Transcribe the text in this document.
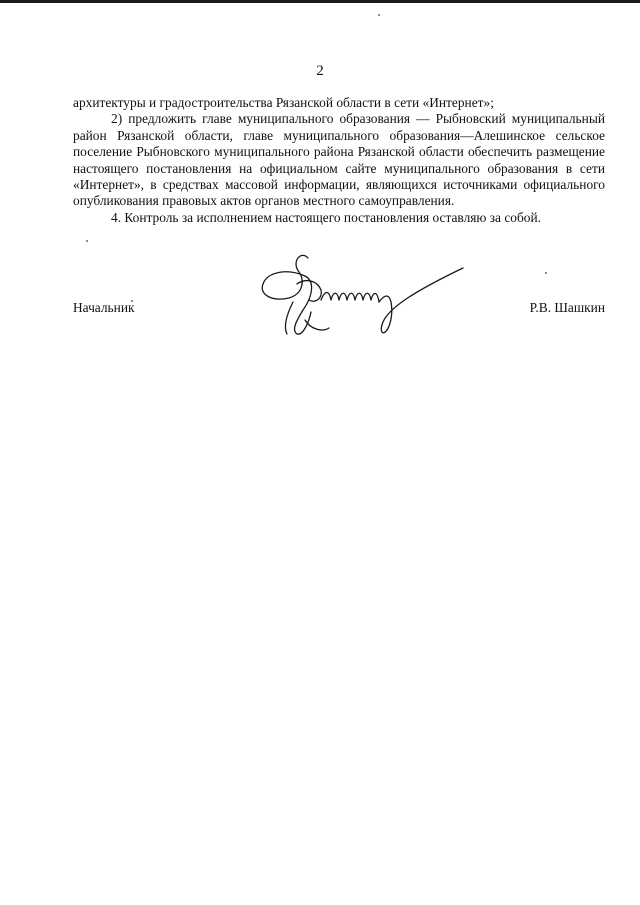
2

архитектуры и градостроительства Рязанской области в сети «Интернет»;

2) предложить главе муниципального образования — Рыбновский муниципальный район Рязанской области, главе муниципального образования—Алешинское сельское поселение Рыбновского муниципального района Рязанской области обеспечить размещение настоящего постановления на официальном сайте муниципального образования в сети «Интернет», в средствах массовой информации, являющихся источниками официального опубликования правовых актов органов местного самоуправления.

4. Контроль за исполнением настоящего постановления оставляю за собой.

Начальник	Р.В. Шашкин
